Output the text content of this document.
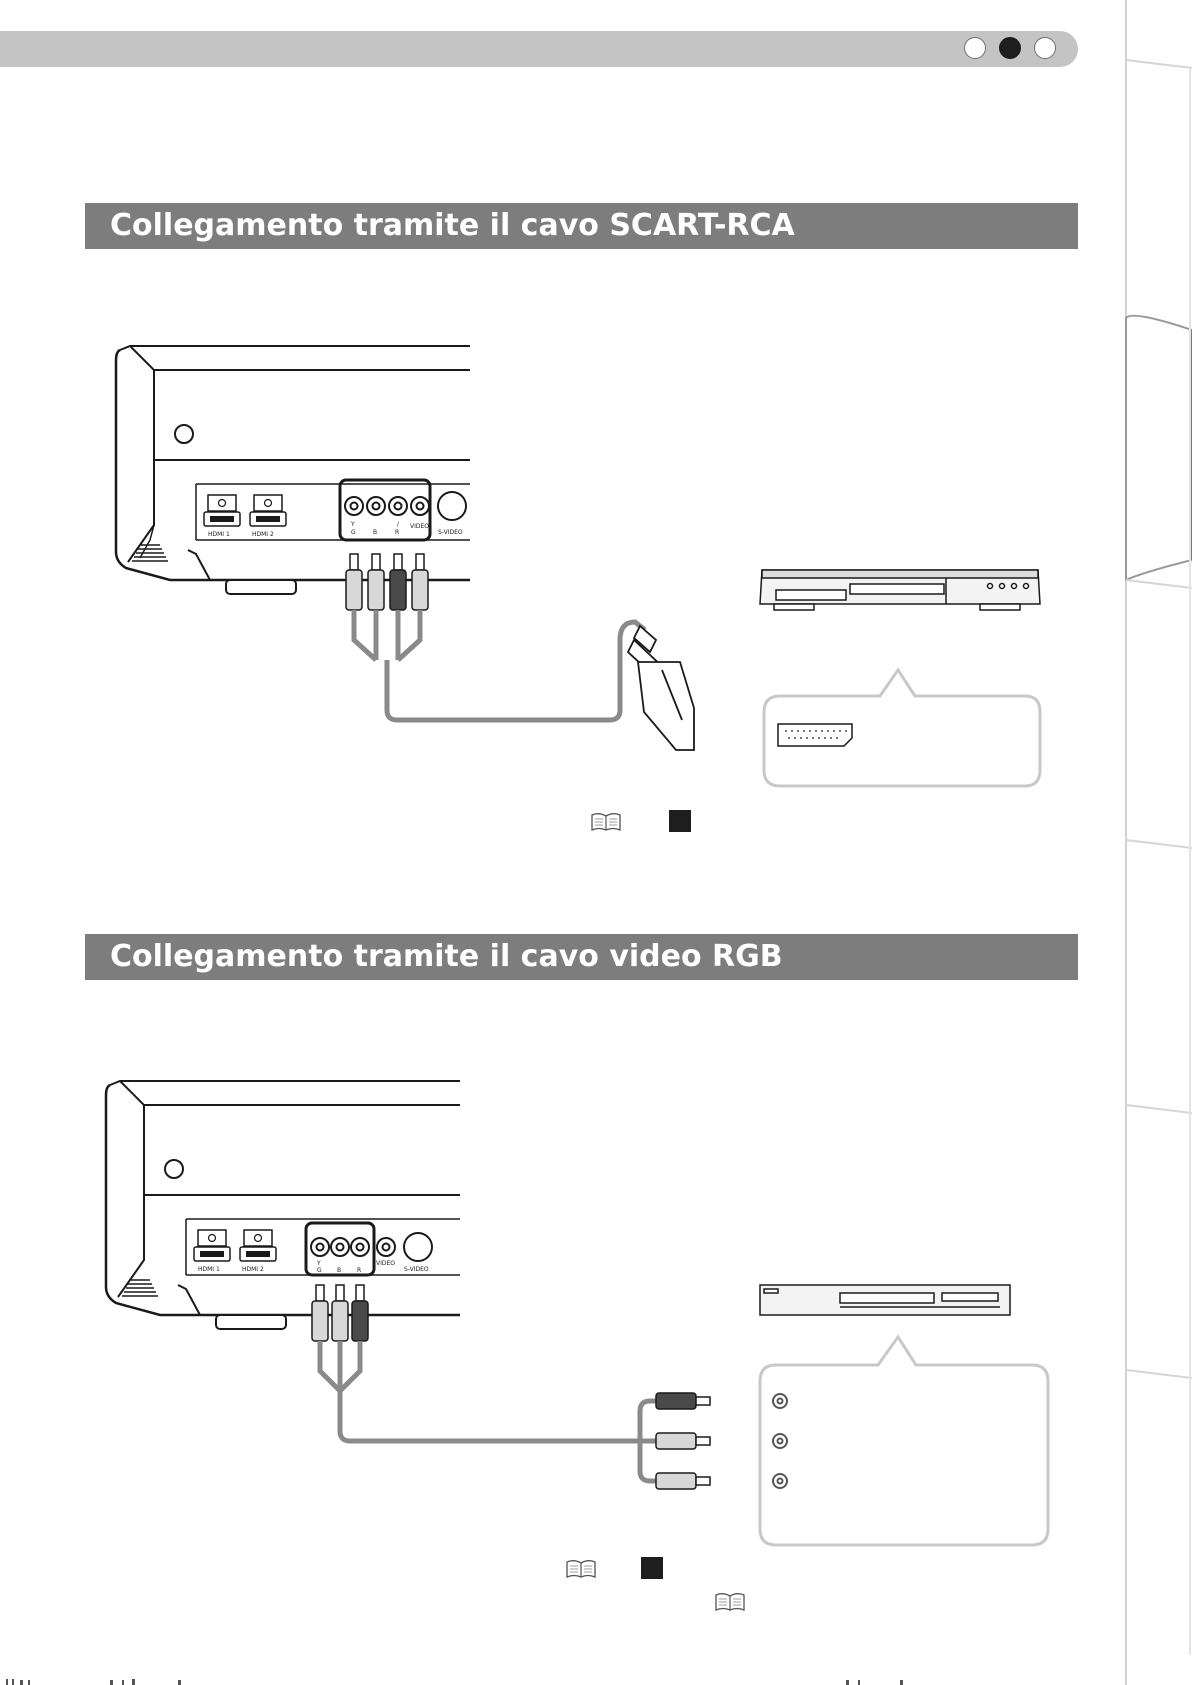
Collegamento tramite il cavo SCART-RCA
HDMI 1	HDMI 2
Y
G	B	R
/ VIDEO
S-VIDEO
Collegamento tramite il cavo video RGB
HDMI 1	HDMI 2
Y
G	B	R
VIDEO
S-VIDEO
